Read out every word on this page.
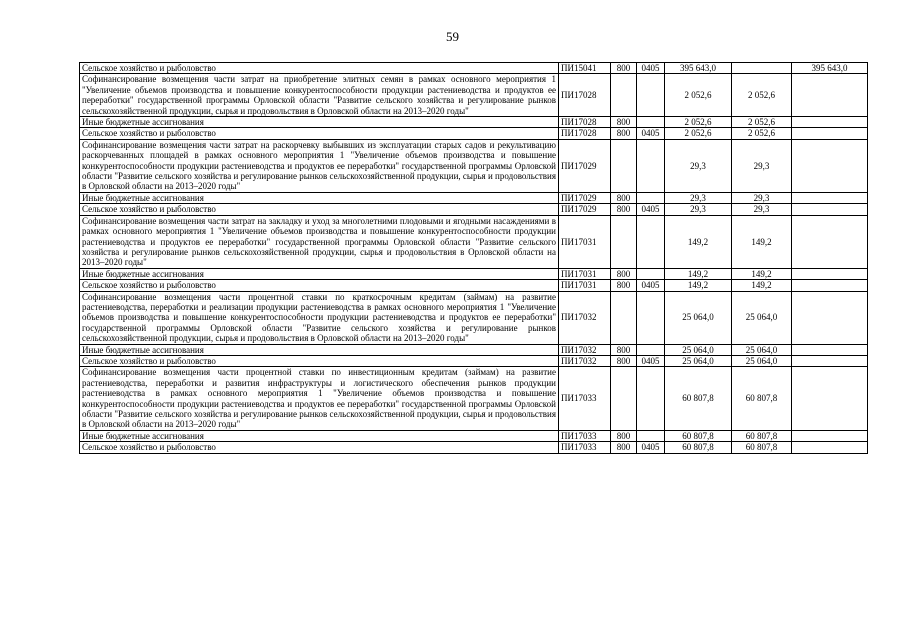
59
Сельское хозяйство и рыболовство	ПИ15041	800	0405	395 643,0		395 643,0
Софинансирование возмещения части затрат на приобретение элитных семян в рамках основного мероприятия 1 "Увеличение объемов производства и повышение конкурентоспособности продукции растениеводства и продуктов ее переработки" государственной программы Орловской области "Развитие сельского хозяйства и регулирование рынков сельскохозяйственной продукции, сырья и продовольствия в Орловской области на 2013–2020 годы"	ПИ17028			2 052,6	2 052,6	
Иные бюджетные ассигнования	ПИ17028	800		2 052,6	2 052,6	
Сельское хозяйство и рыболовство	ПИ17028	800	0405	2 052,6	2 052,6	
Софинансирование возмещения части затрат на раскорчевку выбывших из эксплуатации старых садов и рекультивацию раскорчеванных площадей в рамках основного мероприятия 1 "Увеличение объемов производства и повышение конкурентоспособности продукции растениеводства и продуктов ее переработки" государственной программы Орловской области "Развитие сельского хозяйства и регулирование рынков сельскохозяйственной продукции, сырья и продовольствия в Орловской области на 2013–2020 годы"	ПИ17029			29,3	29,3	
Иные бюджетные ассигнования	ПИ17029	800		29,3	29,3	
Сельское хозяйство и рыболовство	ПИ17029	800	0405	29,3	29,3	
Софинансирование возмещения части затрат на закладку и уход за многолетними плодовыми и ягодными насаждениями в рамках основного мероприятия 1 "Увеличение объемов производства и повышение конкурентоспособности продукции растениеводства и продуктов ее переработки" государственной программы Орловской области "Развитие сельского хозяйства и регулирование рынков сельскохозяйственной продукции, сырья и продовольствия в Орловской области на 2013–2020 годы"	ПИ17031			149,2	149,2	
Иные бюджетные ассигнования	ПИ17031	800		149,2	149,2	
Сельское хозяйство и рыболовство	ПИ17031	800	0405	149,2	149,2	
Софинансирование возмещения части процентной ставки по краткосрочным кредитам (займам) на развитие растениеводства, переработки и реализации продукции растениеводства в рамках основного мероприятия 1 "Увеличение объемов производства и повышение конкурентоспособности продукции растениеводства и продуктов ее переработки" государственной программы Орловской области "Развитие сельского хозяйства и регулирование рынков сельскохозяйственной продукции, сырья и продовольствия в Орловской области на 2013–2020 годы"	ПИ17032			25 064,0	25 064,0	
Иные бюджетные ассигнования	ПИ17032	800		25 064,0	25 064,0	
Сельское хозяйство и рыболовство	ПИ17032	800	0405	25 064,0	25 064,0	
Софинансирование возмещения части процентной ставки по инвестиционным кредитам (займам) на развитие растениеводства, переработки и развития инфраструктуры и логистического обеспечения рынков продукции растениеводства в рамках основного мероприятия 1 "Увеличение объемов производства и повышение конкурентоспособности продукции растениеводства и продуктов ее переработки" государственной программы Орловской области "Развитие сельского хозяйства и регулирование рынков сельскохозяйственной продукции, сырья и продовольствия в Орловской области на 2013–2020 годы"	ПИ17033			60 807,8	60 807,8	
Иные бюджетные ассигнования	ПИ17033	800		60 807,8	60 807,8	
Сельское хозяйство и рыболовство	ПИ17033	800	0405	60 807,8	60 807,8	
